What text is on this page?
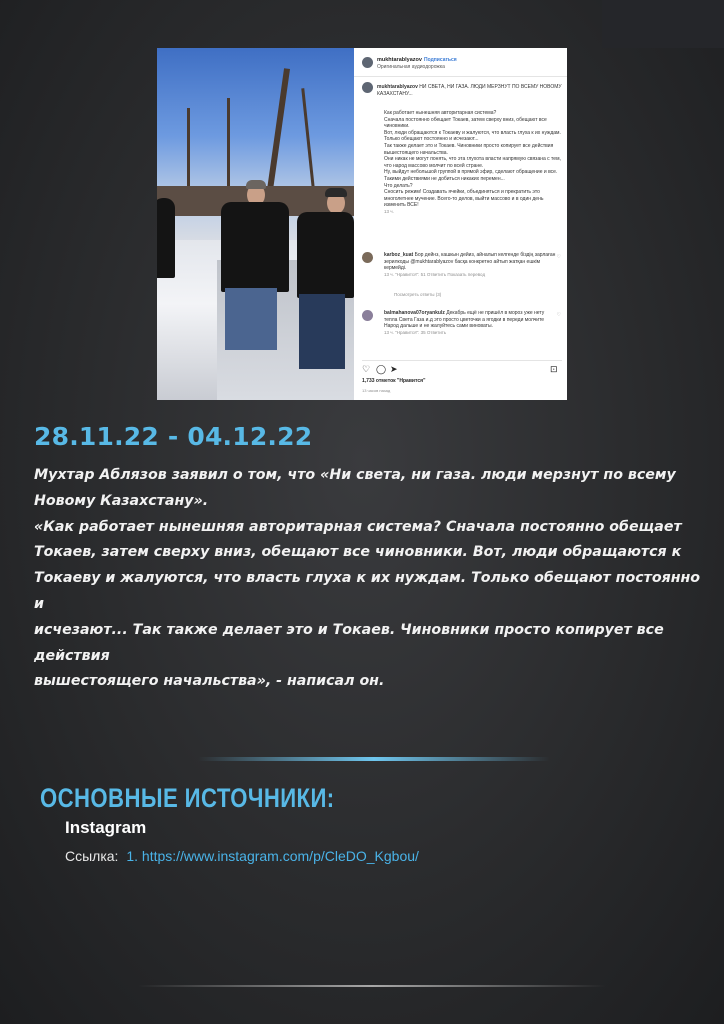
mukhtarablyazov Подписаться
Оригинальная аудиодорожка
mukhtarablyazov НИ СВЕТА, НИ ГАЗА. ЛЮДИ МЕРЗНУТ ПО ВСЕМУ НОВОМУ КАЗАХСТАНУ...

Как работает нынешняя авторитарная система?

Сначала постоянно обещает Токаев, затем сверху вниз, обещают все чиновники.

Вот, люди обращаются к Токаеву и жалуются, что власть глуха к их нуждам. Только обещают постоянно и исчезают...

Так также делает это и Токаев. Чиновники просто копирует все действия вышестоящего начальства.

Они никак не могут понять, что эта глухота власти напрямую связана с тем, что народ массово молчит по всей стране.

Ну, выйдут небольшой группой в прямой эфир, сделают обращение и все. Такими действиями не добиться никаких перемен...

Что делать?

Сносить режим! Создавать ячейки, объединяться и прекратить это многолетнее мучение. Всего-то делов, выйти массово и в один день изменить ВСЕ!

13 ч.

karboz_kuat Бор дейнз, кашкын дейиз, айналып келгенде біздің зарлаған зерилкоды @mukhtarablyazov басқа конкретно айтып жатқан ешкім кермейді.
13 ч. "Нравится": 51 Ответить Показать перевод
♡
Посмотреть ответы (3)
balmahanova07oryankulz Декабрь ещё не пришёл в мороз уже нету тепла Света Газа и.д это просто цветочки а ягодки в переди молчите Народ дальше и не жалуйтесь сами виноваты.
13 ч. "Нравится": 35 Ответить
♡
♡ ◯ ➤	⊡
1,733 отметок "Нравится"
13 часов назад
28.11.22 - 04.12.22
Мухтар Аблязов заявил о том, что «Ни света, ни газа. люди мерзнут по всему
Новому Казахстану».
«Как работает нынешняя авторитарная система? Сначала постоянно обещает
Токаев, затем сверху вниз, обещают все чиновники. Вот, люди обращаются к
Токаеву и жалуются, что власть глуха к их нуждам. Только обещают постоянно и
исчезают... Так также делает это и Токаев. Чиновники просто копирует все действия
вышестоящего начальства», - написал он.
ОСНОВНЫЕ ИСТОЧНИКИ:
Instagram
Ссылка: 1. https://www.instagram.com/p/CleDO_Kgbou/
